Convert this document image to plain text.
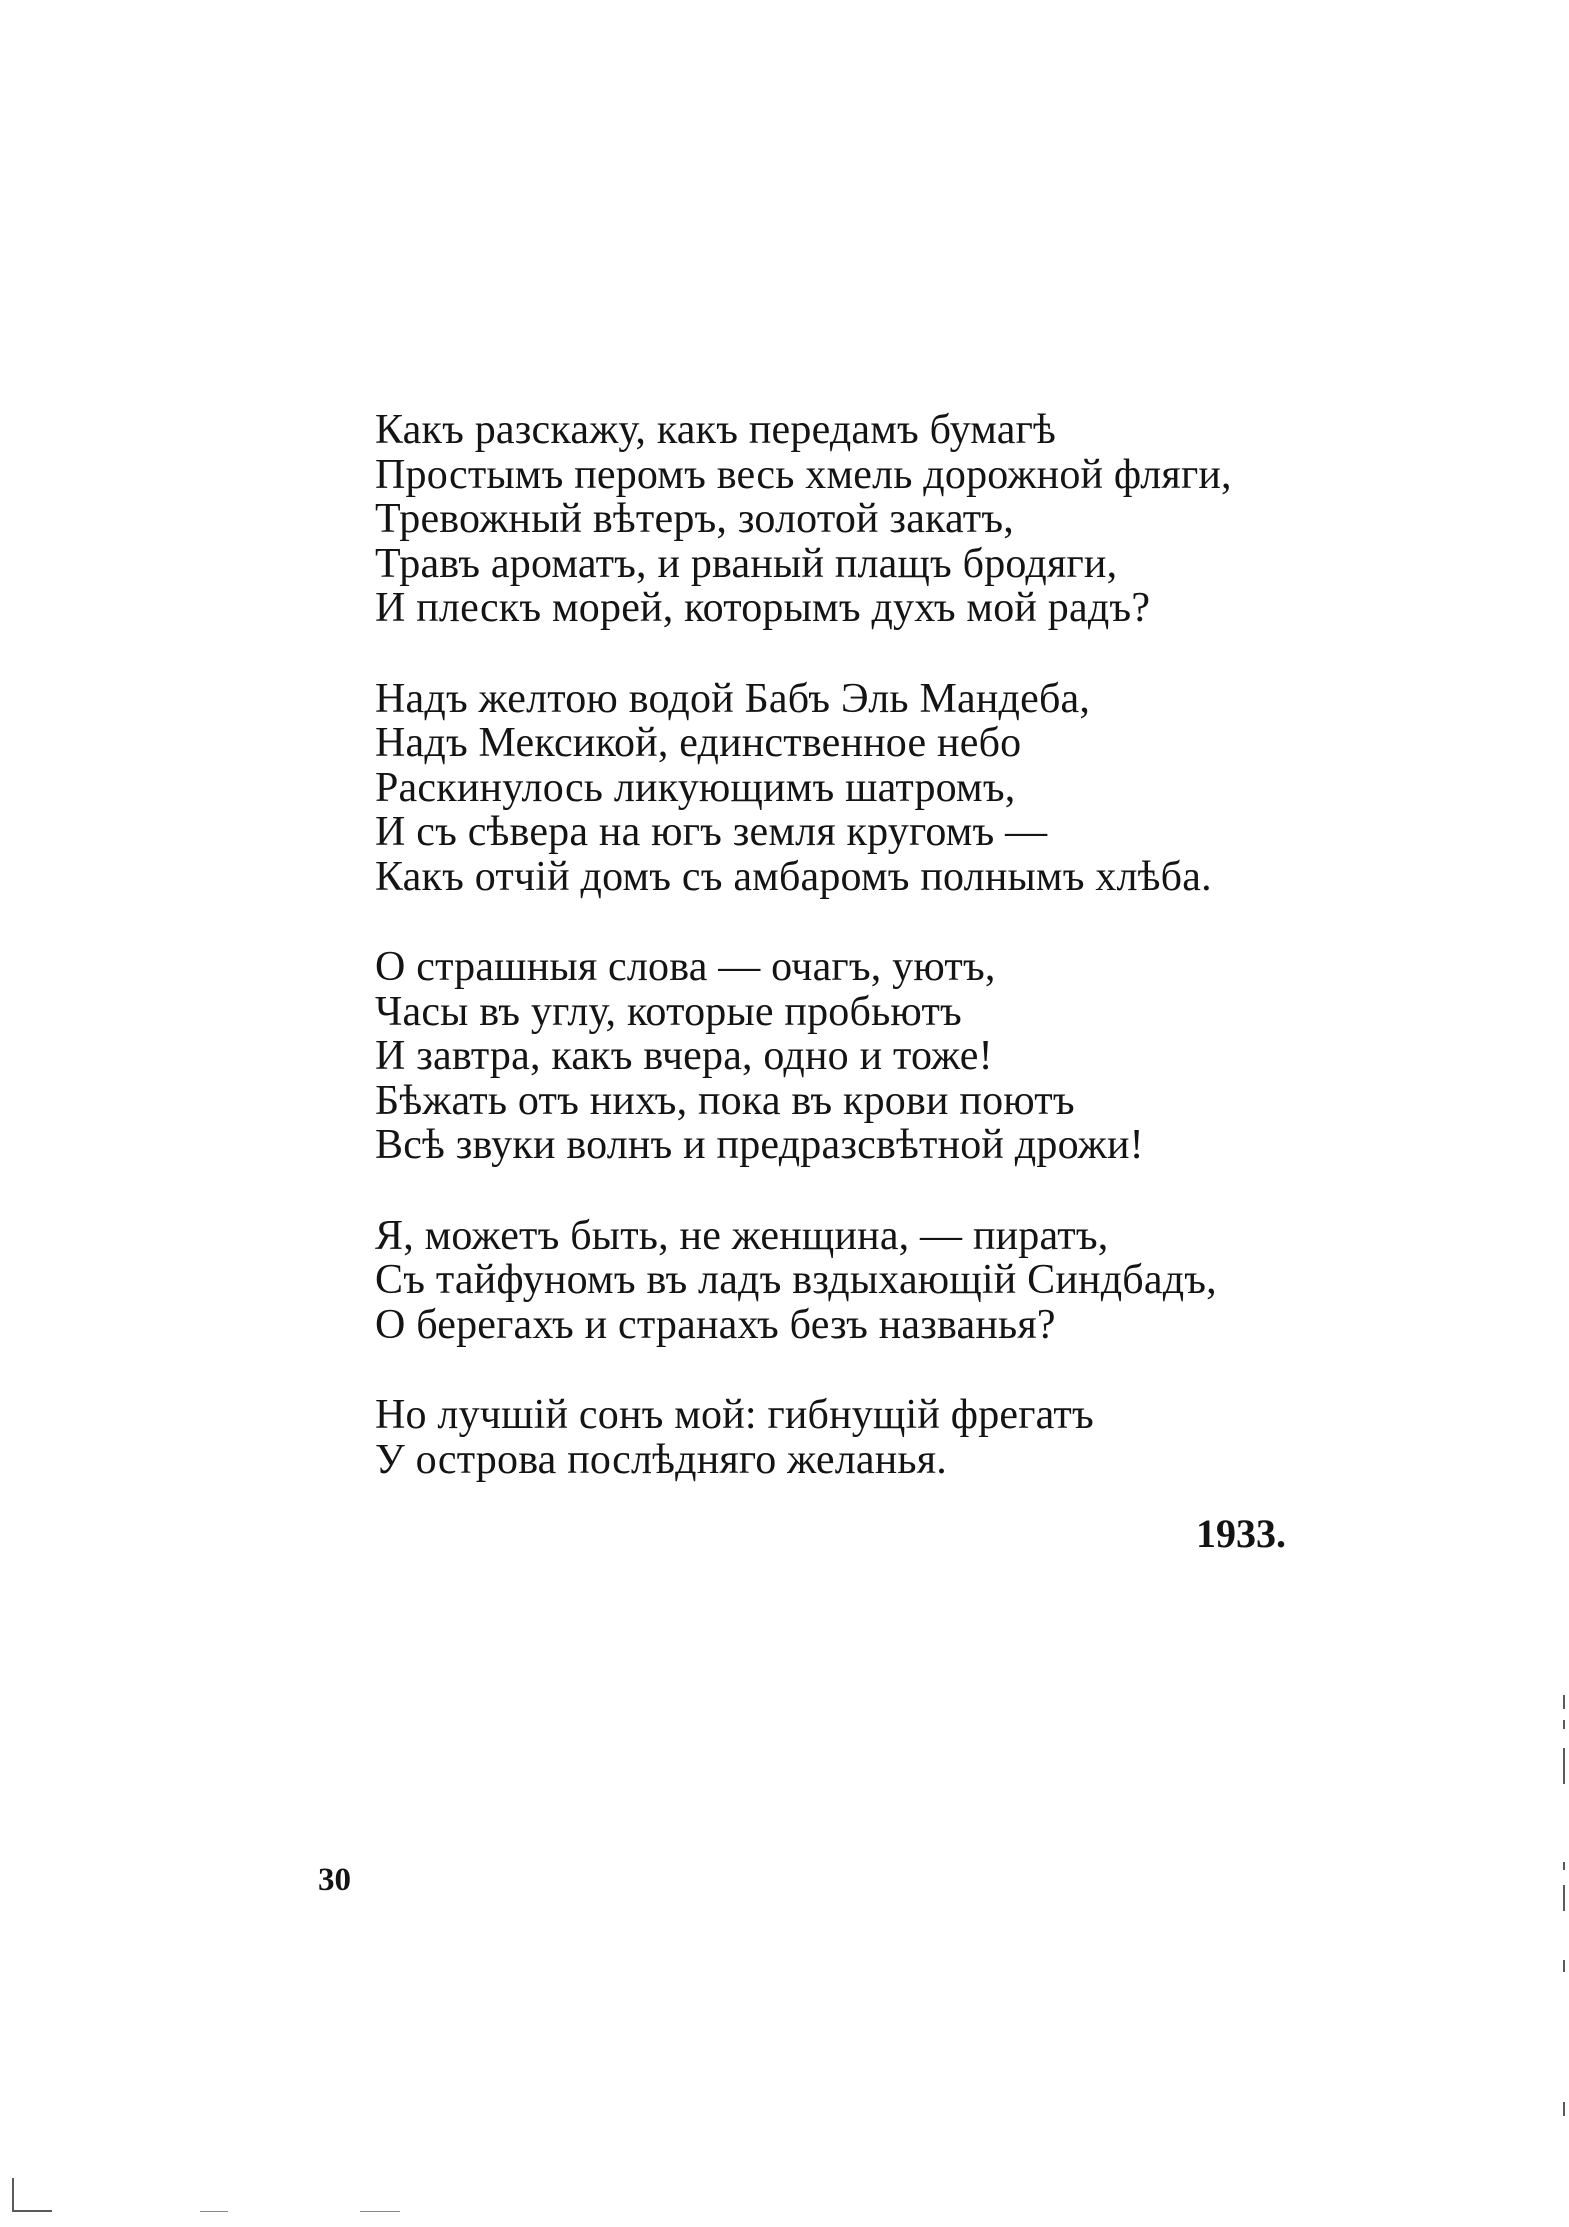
Какъ разскажу, какъ передамъ бумагѣ
Простымъ перомъ весь хмель дорожной фляги,
Тревожный вѣтеръ, золотой закатъ,
Травъ ароматъ, и рваный плащъ бродяги,
И плескъ морей, которымъ духъ мой радъ?
Надъ желтою водой Бабъ Эль Мандеба,
Надъ Мексикой, единственное небо
Раскинулось ликующимъ шатромъ,
И съ сѣвера на югъ земля кругомъ —
Какъ отчiй домъ съ амбаромъ полнымъ хлѣба.
О страшныя слова — очагъ, уютъ,
Часы въ углу, которые пробьютъ
И завтра, какъ вчера, одно и тоже!
Бѣжать отъ нихъ, пока въ крови поютъ
Всѣ звуки волнъ и предразсвѣтной дрожи!
Я, можетъ быть, не женщина, — пиратъ,
Съ тайфуномъ въ ладъ вздыхающiй Синдбадъ,
О берегахъ и странахъ безъ названья?
Но лучшiй сонъ мой: гибнущiй фрегатъ
У острова послѣдняго желанья.
1933.
30
